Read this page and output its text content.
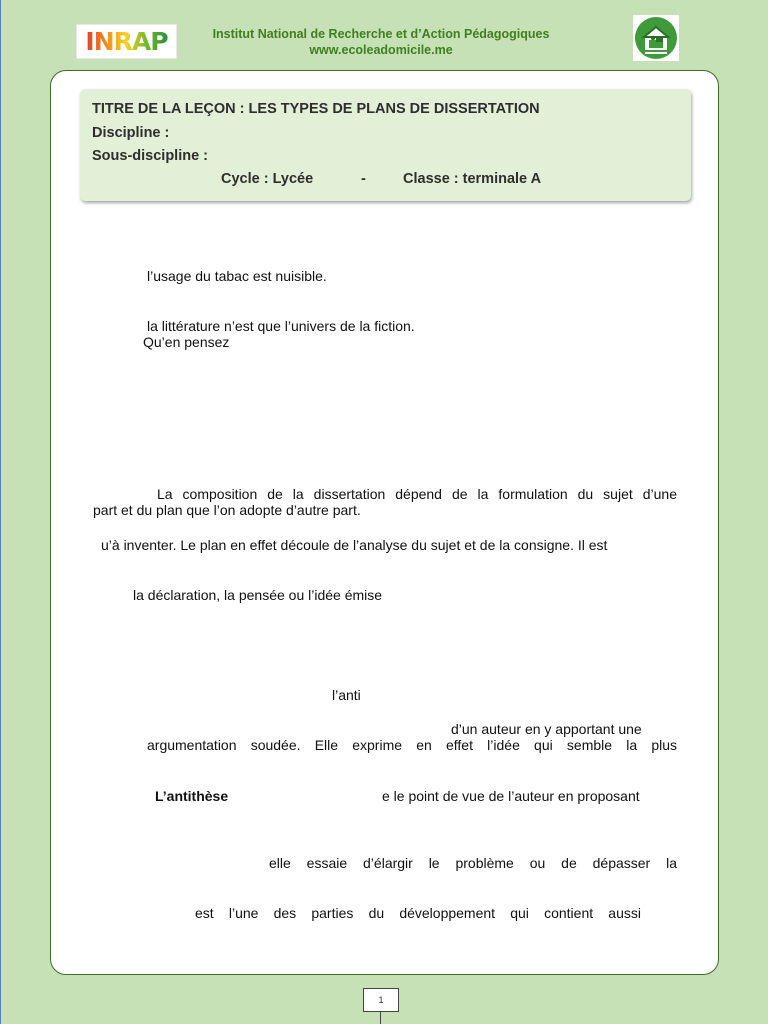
INRAP	Institut National de Recherche et d’Action Pédagogiques
www.ecoleadomicile.me
TITRE DE LA LEÇON : LES TYPES DE PLANS DE DISSERTATION
Discipline :
Sous-discipline :
Cycle : Lycée	-	Classe : terminale A
l’usage du tabac est nuisible.
la littérature n’est que l’univers de la fiction.
Qu’en pensez
La composition de la dissertation dépend de la formulation du sujet d’une
part et du plan que l’on adopte d’autre part.
u’à inventer. Le plan en effet découle de l’analyse du sujet et de la consigne. Il est
la déclaration, la pensée ou l’idée émise
l’anti
d’un auteur en y apportant une
argumentation soudée. Elle exprime en effet l’idée qui semble la plus
L’antithèse	e le point de vue de l’auteur en proposant
elle essaie d’élargir le problème ou de dépasser la
est l’une des parties du développement qui contient aussi
1
